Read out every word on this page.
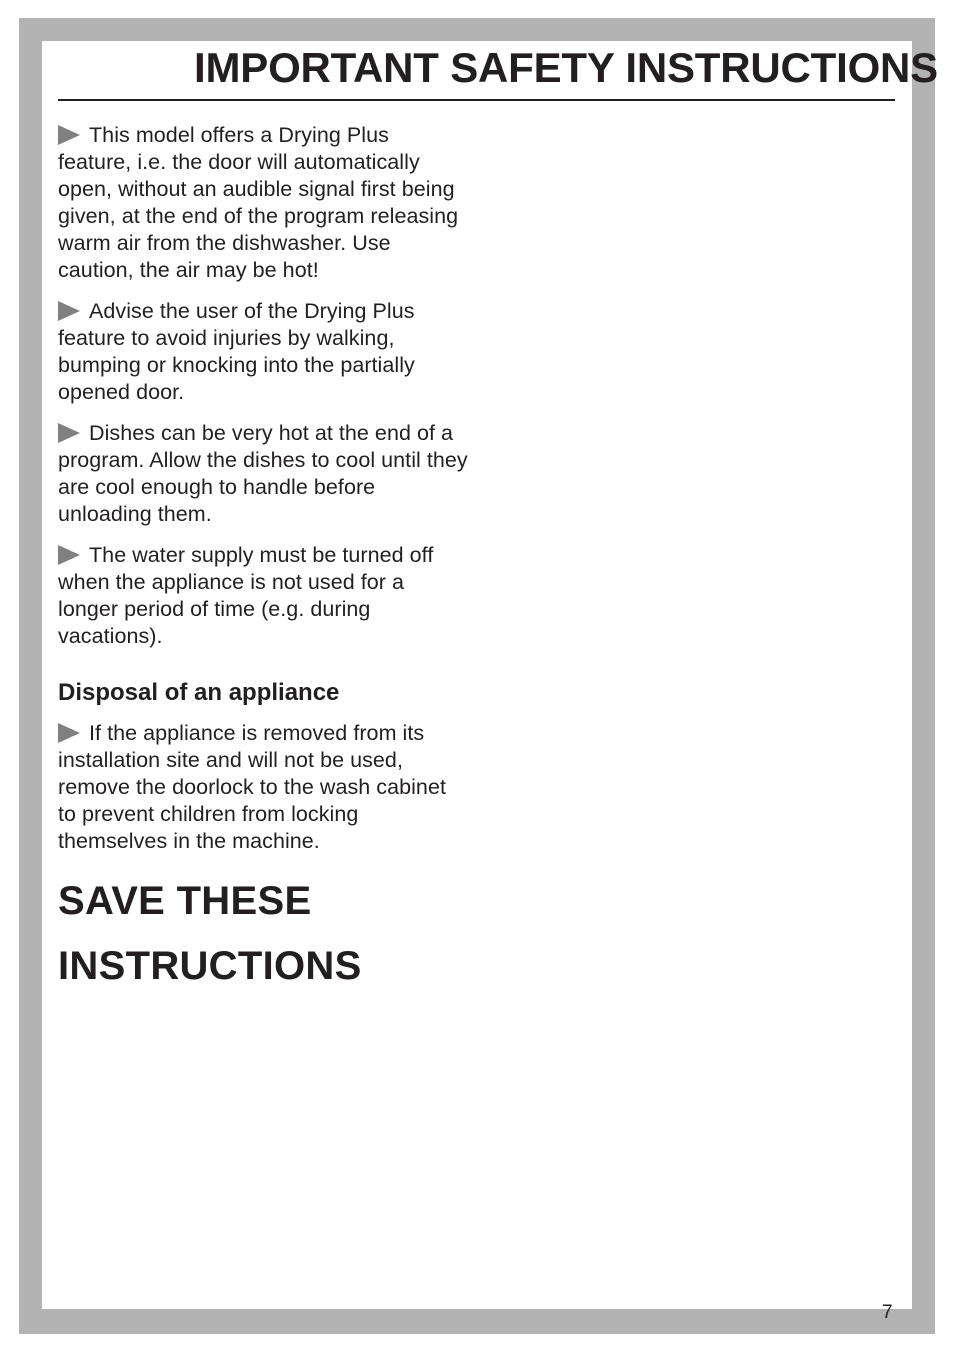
IMPORTANT SAFETY INSTRUCTIONS

This model offers a Drying Plus feature, i.e. the door will automatically open, without an audible signal first being given, at the end of the program releasing warm air from the dishwasher. Use caution, the air may be hot!

Advise the user of the Drying Plus feature to avoid injuries by walking, bumping or knocking into the partially opened door.

Dishes can be very hot at the end of a program. Allow the dishes to cool until they are cool enough to handle before unloading them.

The water supply must be turned off when the appliance is not used for a longer period of time (e.g. during vacations).

Disposal of an appliance

If the appliance is removed from its installation site and will not be used, remove the doorlock to the wash cabinet to prevent children from locking themselves in the machine.

SAVE THESE
INSTRUCTIONS
7
